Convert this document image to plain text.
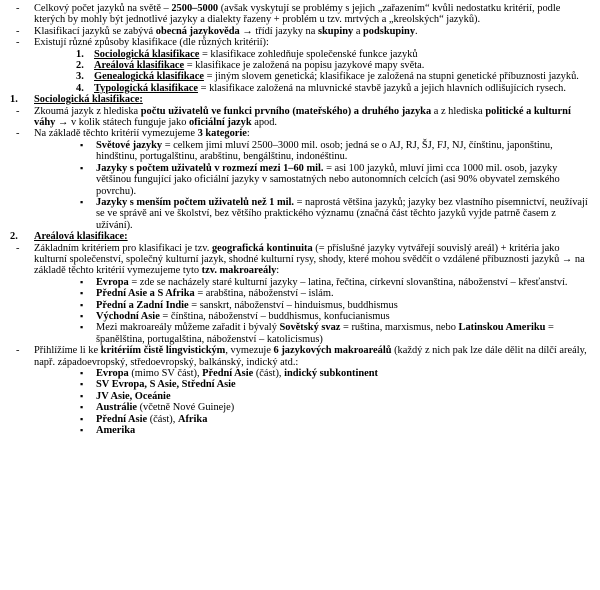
- Celkový počet jazyků na světě – 2500–5000 (avšak vyskytují se problémy s jejich „zařazením“ kvůli nedostatku kritérií, podle kterých by mohly být jednotlivé jazyky a dialekty řazeny + problém u tzv. mrtvých a „kreolských“ jazyků).
- Klasifikací jazyků se zabývá obecná jazykověda → třídí jazyky na skupiny a podskupiny.
- Existují různé způsoby klasifikace (dle různých kritérií):
1. Sociologická klasifikace = klasifikace zohledňuje společenské funkce jazyků
2. Areálová klasifikace = klasifikace je založená na popisu jazykové mapy světa.
3. Genealogická klasifikace = jiným slovem genetická; klasifikace je založená na stupni genetické příbuznosti jazyků.
4. Typologická klasifikace = klasifikace založená na mluvnické stavbě jazyků a jejich hlavních odlišujících rysech.
1. Sociologická klasifikace:
- Zkoumá jazyk z hlediska počtu uživatelů ve funkci prvního (mateřského) a druhého jazyka a z hlediska politické a kulturní váhy → v kolik státech funguje jako oficiální jazyk apod.
- Na základě těchto kritérií vymezujeme 3 kategorie:
▪ Světové jazyky = celkem jimi mluví 2500–3000 mil. osob; jedná se o AJ, RJ, ŠJ, FJ, NJ, čínštinu, japonštinu, hindštinu, portugalštinu, arabštinu, bengálštinu, indonéštinu.
▪ Jazyky s počtem uživatelů v rozmezí mezi 1–60 mil. = asi 100 jazyků, mluví jimi cca 1000 mil. osob, jazyky většinou fungující jako oficiální jazyky v samostatných nebo autonomních celcích (asi 90% obyvatel zemského povrchu).
▪ Jazyky s menším počtem uživatelů než 1 mil. = naprostá většina jazyků; jazyky bez vlastního písemnictví, neužívají se ve správě ani ve školství, bez většího praktického významu (značná část těchto jazyků vyjde patrně časem z užívání).
2. Areálová klasifikace:
- Základním kritériem pro klasifikaci je tzv. geografická kontinuita (= příslušné jazyky vytvářejí souvislý areál) + kritéria jako kulturní společenství, společný kulturní jazyk, shodné kulturní rysy, shody, které mohou svědčit o vzdálené příbuznosti jazyků → na základě těchto kritérií vymezujeme tyto tzv. makroareály:
▪ Evropa = zde se nacházely staré kulturní jazyky – latina, řečtina, církevní slovanština, náboženství – křesťanství.
▪ Přední Asie a S Afrika = arabština, náboženství – islám.
▪ Přední a Zadní Indie = sanskrt, náboženství – hinduismus, buddhismus
▪ Východní Asie = čínština, náboženství – buddhismus, konfucianismus
▪ Mezi makroareály můžeme zařadit i bývalý Sovětský svaz = ruština, marxismus, nebo Latinskou Ameriku = španělština, portugalština, náboženství – katolicismus)
- Přihlížíme li ke kritériím čistě lingvistickým, vymezuje 6 jazykových makroareálů (každý z nich pak lze dále dělit na dílčí areály, např. západoevropský, středoevropský, balkánský, indický atd.:
▪ Evropa (mimo SV část), Přední Asie (část), indický subkontinent
▪ SV Evropa, S Asie, Střední Asie
▪ JV Asie, Oceánie
▪ Austrálie (včetně Nové Guineje)
▪ Přední Asie (část), Afrika
▪ Amerika
